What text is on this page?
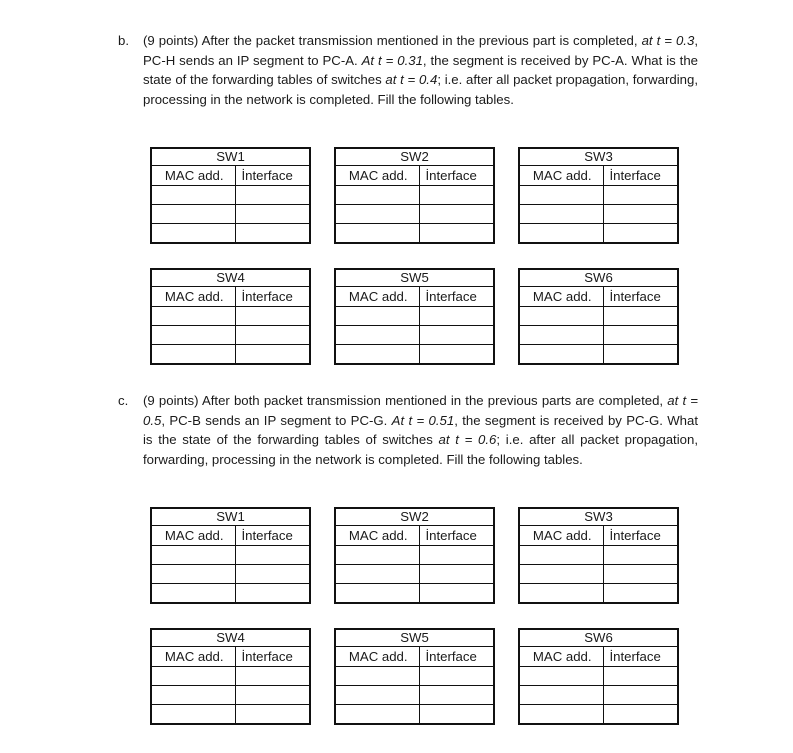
b. (9 points) After the packet transmission mentioned in the previous part is completed, at t = 0.3, PC-H sends an IP segment to PC-A. At t = 0.31, the segment is received by PC-A. What is the state of the forwarding tables of switches at t = 0.4; i.e. after all packet propagation, forwarding, processing in the network is completed. Fill the following tables.
c. (9 points) After both packet transmission mentioned in the previous parts are completed, at t = 0.5, PC-B sends an IP segment to PC-G. At t = 0.51, the segment is received by PC-G. What is the state of the forwarding tables of switches at t = 0.6; i.e. after all packet propagation, forwarding, processing in the network is completed. Fill the following tables.
SW1	
MAC add.	İnterface

SW2	
MAC add.	İnterface

SW3	
MAC add.	İnterface

SW4	
MAC add.	İnterface

SW5	
MAC add.	İnterface

SW6	
MAC add.	İnterface

SW1	
MAC add.	İnterface

SW2	
MAC add.	İnterface

SW3	
MAC add.	İnterface

SW4	
MAC add.	İnterface

SW5	
MAC add.	İnterface

SW6	
MAC add.	İnterface
